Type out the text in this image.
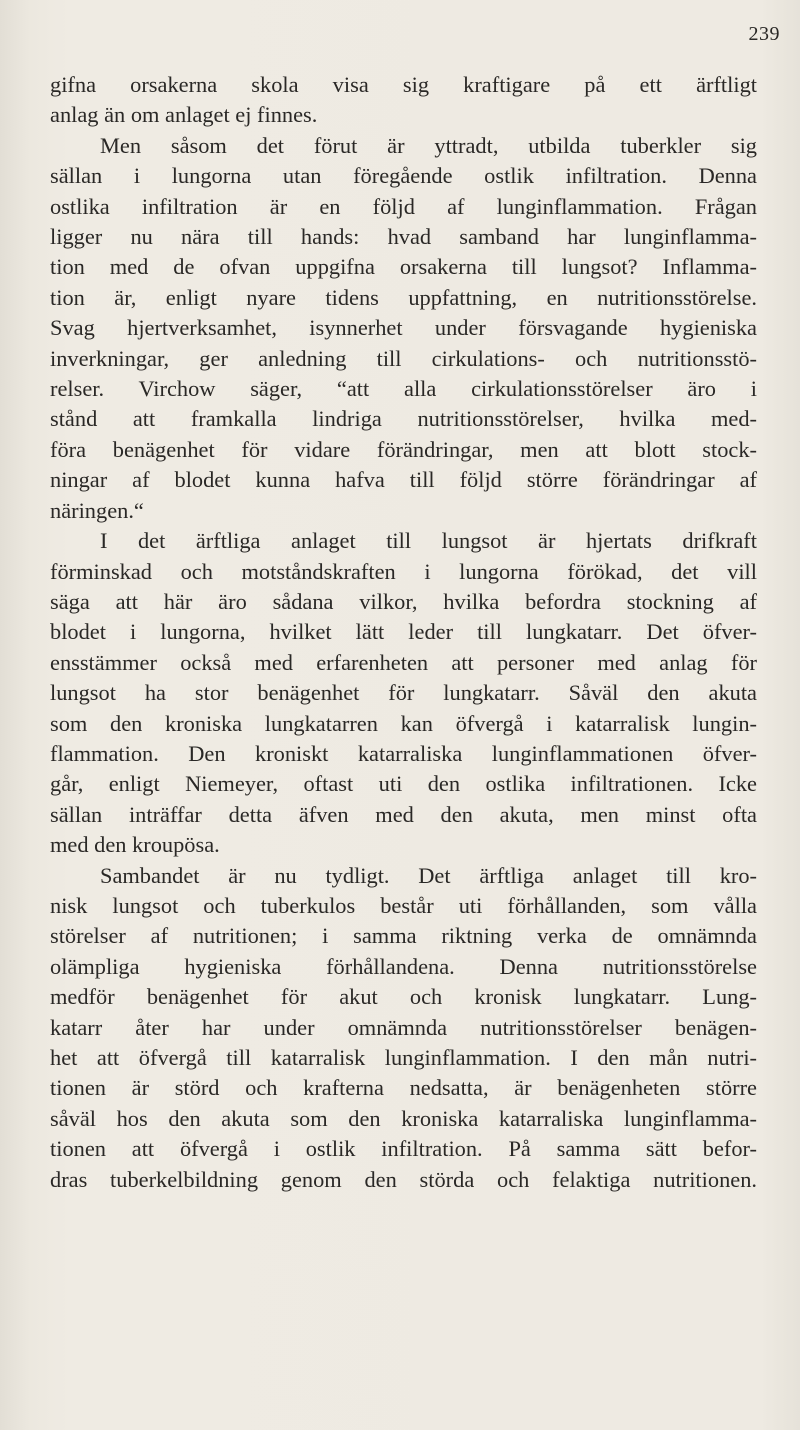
239
gifna orsakerna skola visa sig kraftigare på ett ärftligt
anlag än om anlaget ej finnes.
Men såsom det förut är yttradt, utbilda tuberkler sig
sällan i lungorna utan föregående ostlik infiltration. Denna
ostlika infiltration är en följd af lunginflammation. Frågan
ligger nu nära till hands: hvad samband har lunginflamma-
tion med de ofvan uppgifna orsakerna till lungsot? Inflamma-
tion är, enligt nyare tidens uppfattning, en nutritionsstörelse.
Svag hjertverksamhet, isynnerhet under försvagande hygieniska
inverkningar, ger anledning till cirkulations- och nutritionsstö-
relser. Virchow säger, “att alla cirkulationsstörelser äro i
stånd att framkalla lindriga nutritionsstörelser, hvilka med-
föra benägenhet för vidare förändringar, men att blott stock-
ningar af blodet kunna hafva till följd större förändringar af
näringen.“
I det ärftliga anlaget till lungsot är hjertats drifkraft
förminskad och motståndskraften i lungorna förökad, det vill
säga att här äro sådana vilkor, hvilka befordra stockning af
blodet i lungorna, hvilket lätt leder till lungkatarr. Det öfver-
ensstämmer också med erfarenheten att personer med anlag för
lungsot ha stor benägenhet för lungkatarr. Såväl den akuta
som den kroniska lungkatarren kan öfvergå i katarralisk lungin-
flammation. Den kroniskt katarraliska lunginflammationen öfver-
går, enligt Niemeyer, oftast uti den ostlika infiltrationen. Icke
sällan inträffar detta äfven med den akuta, men minst ofta
med den kroupösa.
Sambandet är nu tydligt. Det ärftliga anlaget till kro-
nisk lungsot och tuberkulos består uti förhållanden, som vålla
störelser af nutritionen; i samma riktning verka de omnämnda
olämpliga hygieniska förhållandena. Denna nutritionsstörelse
medför benägenhet för akut och kronisk lungkatarr. Lung-
katarr åter har under omnämnda nutritionsstörelser benägen-
het att öfvergå till katarralisk lunginflammation. I den mån nutri-
tionen är störd och krafterna nedsatta, är benägenheten större
såväl hos den akuta som den kroniska katarraliska lunginflamma-
tionen att öfvergå i ostlik infiltration. På samma sätt befor-
dras tuberkelbildning genom den störda och felaktiga nutritionen.
